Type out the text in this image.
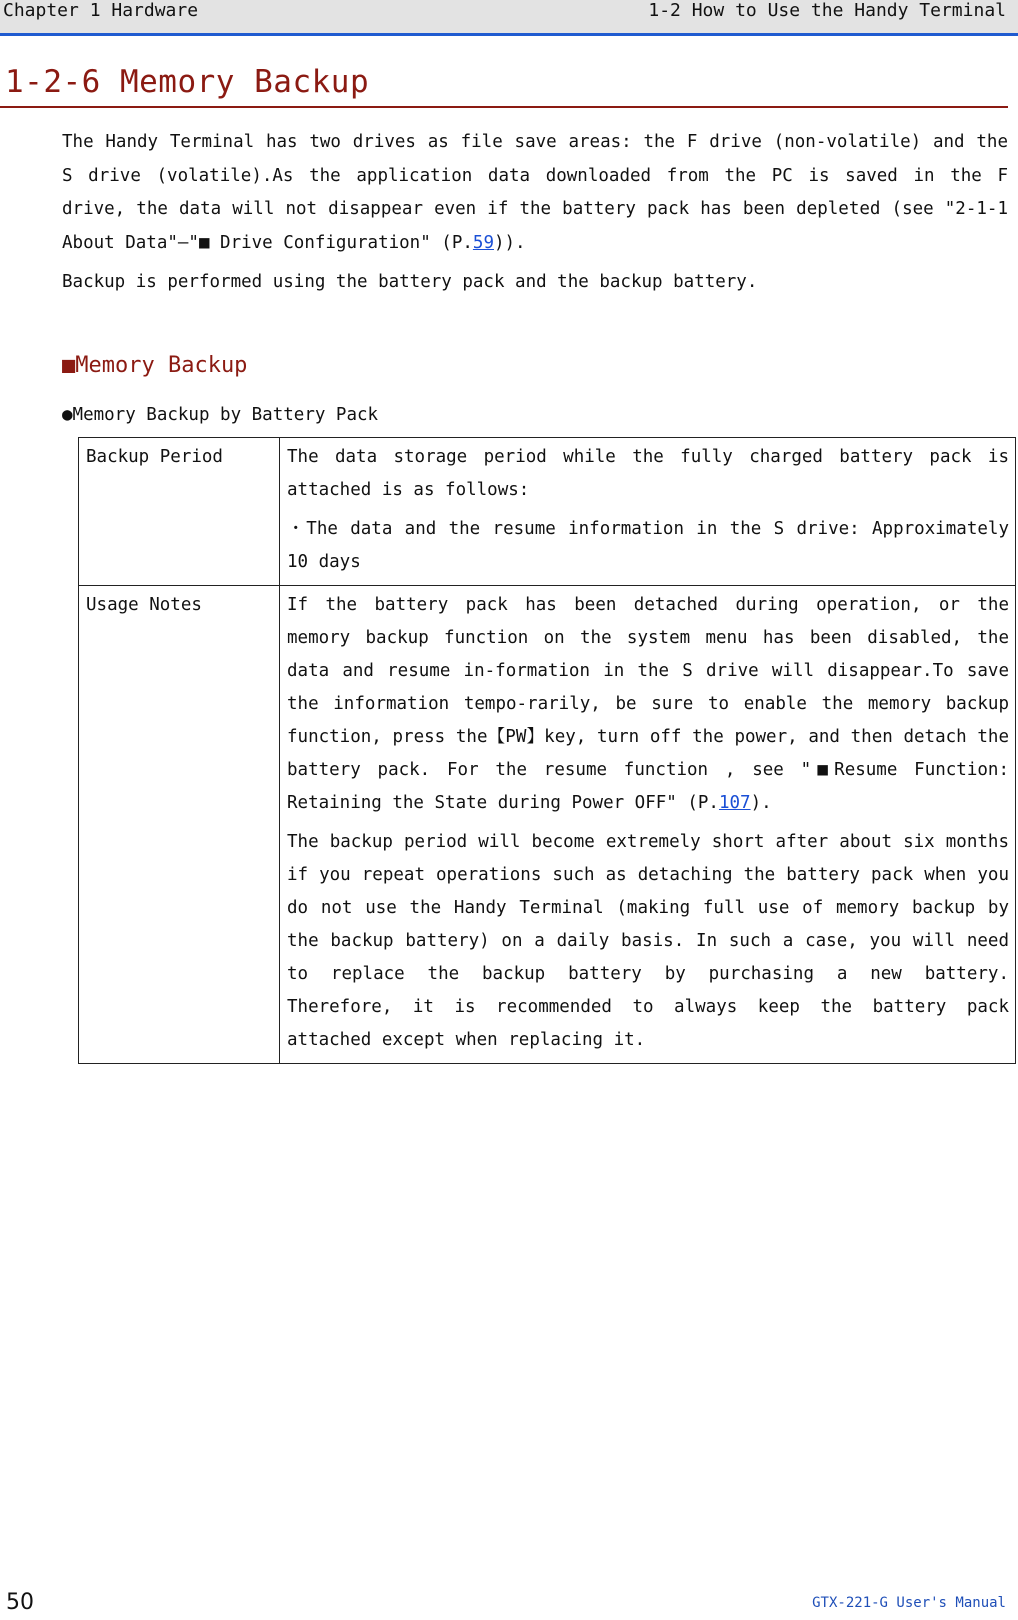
Chapter 1 Hardware	1-2 How to Use the Handy Terminal
1-2-6 Memory Backup
The Handy Terminal has two drives as file save areas: the F drive (non-volatile) and the S drive (volatile).As the application data downloaded from the PC is saved in the F drive, the data will not disappear even if the battery pack has been depleted (see "2-1-1 About Data"—"■ Drive Configuration" (P.59)).
Backup is performed using the battery pack and the backup battery.
■Memory Backup
●Memory Backup by Battery Pack
Backup Period	The data storage period while the fully charged battery pack is attached is as follows:

・The data and the resume information in the S drive: Approximately 10 days

Usage Notes	If the battery pack has been detached during operation, or the memory backup function on the system menu has been disabled, the data and resume in-formation in the S drive will disappear.To save the information tempo-rarily, be sure to enable the memory backup function, press the【PW】key, turn off the power, and then detach the battery pack. For the resume function , see "■Resume Function: Retaining the State during Power OFF" (P.107).

The backup period will become extremely short after about six months if you repeat operations such as detaching the battery pack when you do not use the Handy Terminal (making full use of memory backup by the backup battery) on a daily basis. In such a case, you will need to replace the backup battery by purchasing a new battery. Therefore, it is recommended to always keep the battery pack attached except when replacing it.

50	GTX-221-G User's Manual
